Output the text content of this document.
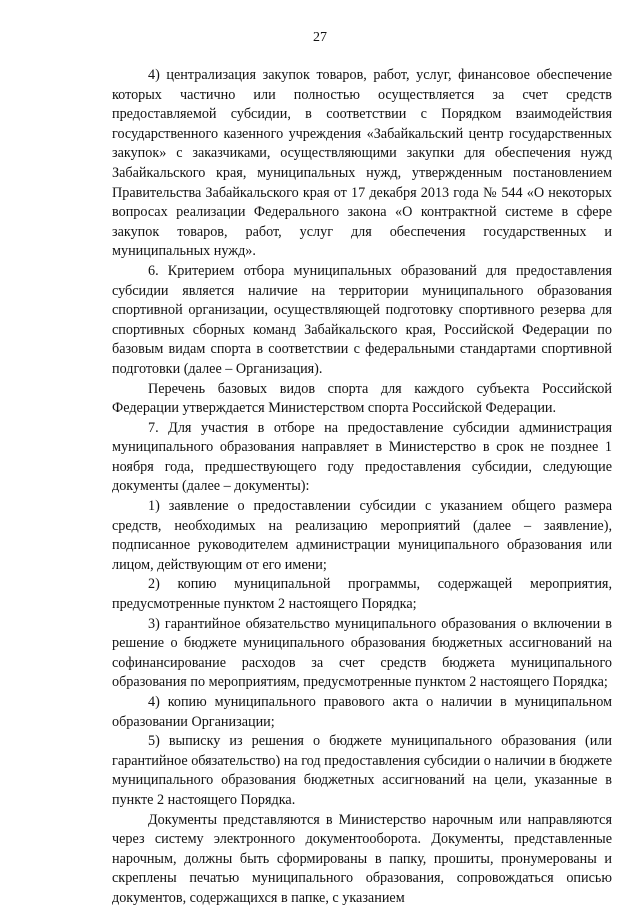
27

4) централизация закупок товаров, работ, услуг, финансовое обеспечение которых частично или полностью осуществляется за счет средств предоставляемой субсидии, в соответствии с Порядком взаимодействия государственного казенного учреждения «Забайкальский центр государственных закупок» с заказчиками, осуществляющими закупки для обеспечения нужд Забайкальского края, муниципальных нужд, утвержденным постановлением Правительства Забайкальского края от 17 декабря 2013 года № 544 «О некоторых вопросах реализации Федерального закона «О контрактной системе в сфере закупок товаров, работ, услуг для обеспечения государственных и муниципальных нужд».

6. Критерием отбора муниципальных образований для предоставления субсидии является наличие на территории муниципального образования спортивной организации, осуществляющей подготовку спортивного резерва для спортивных сборных команд Забайкальского края, Российской Федерации по базовым видам спорта в соответствии с федеральными стандартами спортивной подготовки (далее – Организация).

Перечень базовых видов спорта для каждого субъекта Российской Федерации утверждается Министерством спорта Российской Федерации.

7. Для участия в отборе на предоставление субсидии администрация муниципального образования направляет в Министерство в срок не позднее 1 ноября года, предшествующего году предоставления субсидии, следующие документы (далее – документы):

1) заявление о предоставлении субсидии с указанием общего размера средств, необходимых на реализацию мероприятий (далее – заявление), подписанное руководителем администрации муниципального образования или лицом, действующим от его имени;

2) копию муниципальной программы, содержащей мероприятия, предусмотренные пунктом 2 настоящего Порядка;

3) гарантийное обязательство муниципального образования о включении в решение о бюджете муниципального образования бюджетных ассигнований на софинансирование расходов за счет средств бюджета муниципального образования по мероприятиям, предусмотренные пунктом 2 настоящего Порядка;

4) копию муниципального правового акта о наличии в муниципальном образовании Организации;

5) выписку из решения о бюджете муниципального образования (или гарантийное обязательство) на год предоставления субсидии о наличии в бюджете муниципального образования бюджетных ассигнований на цели, указанные в пункте 2 настоящего Порядка.

Документы представляются в Министерство нарочным или направляются через систему электронного документооборота. Документы, представленные нарочным, должны быть сформированы в папку, прошиты, пронумерованы и скреплены печатью муниципального образования, сопровождаться описью документов, содержащихся в папке, с указанием
